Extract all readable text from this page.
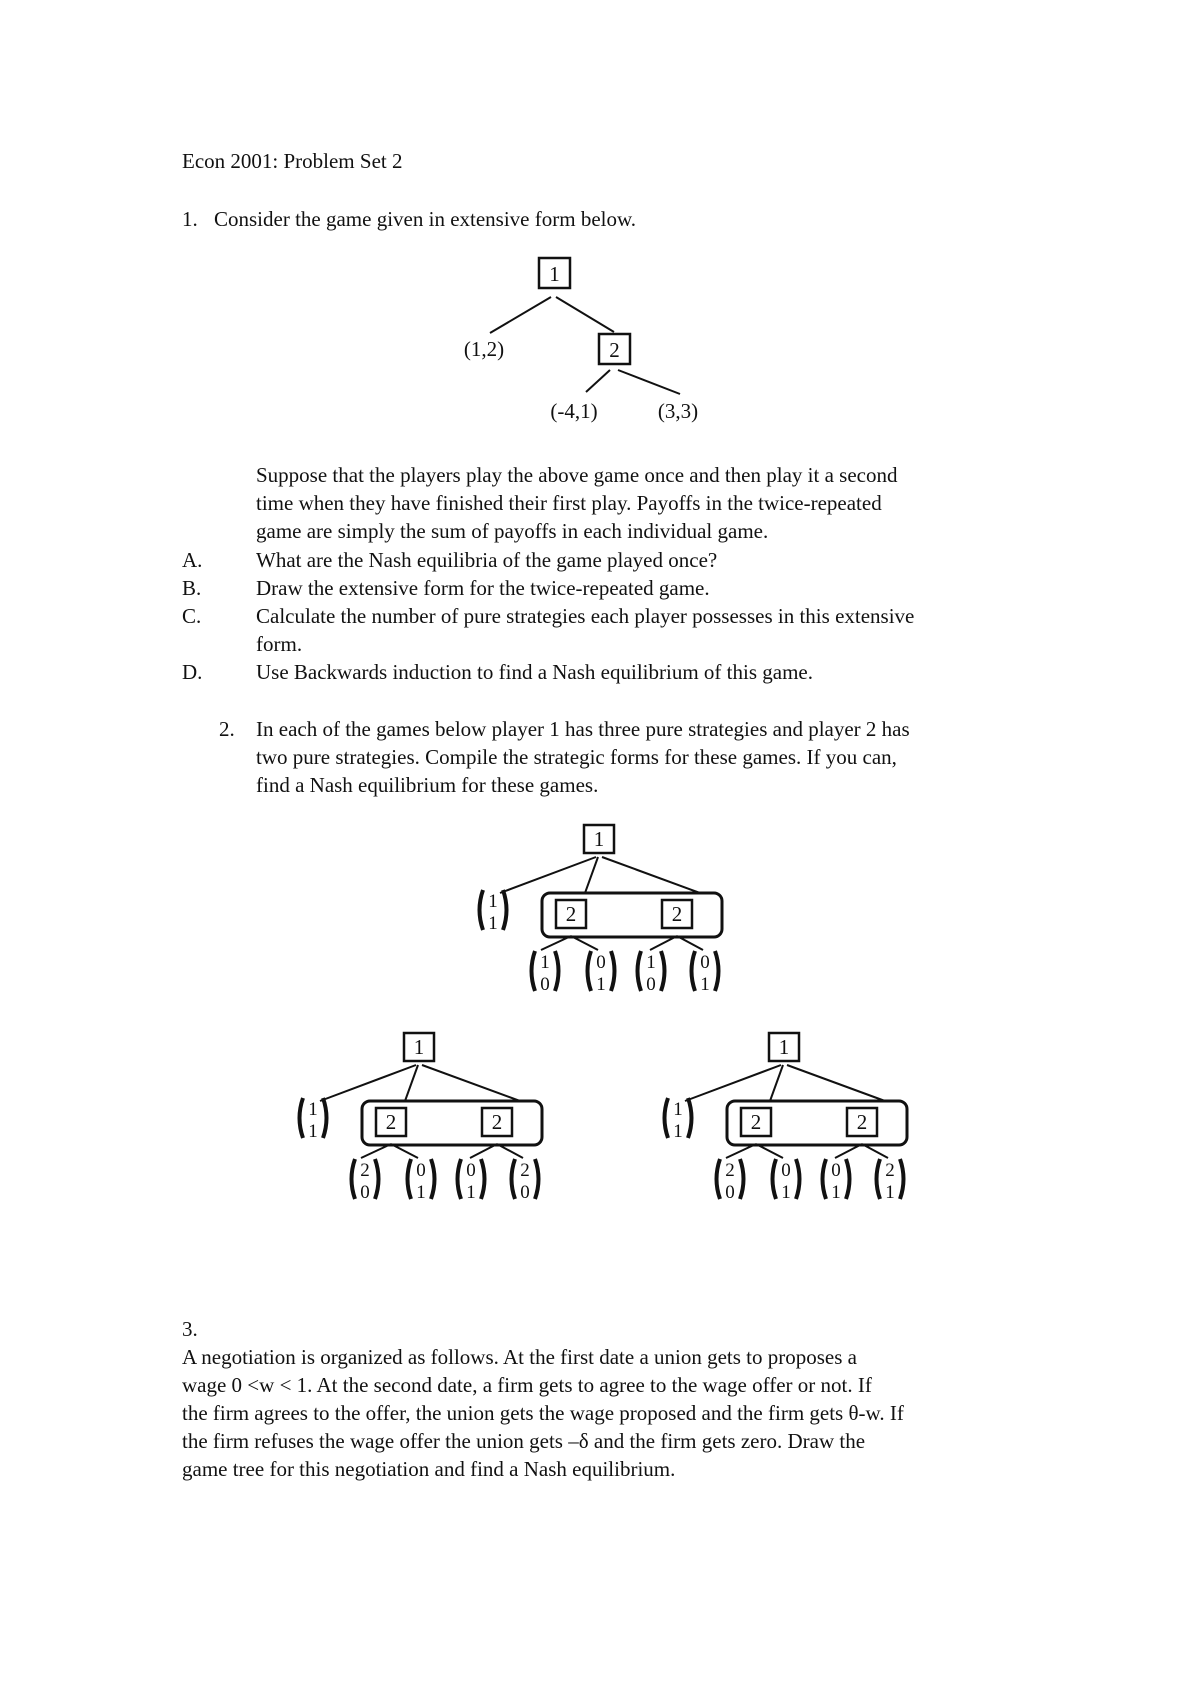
Econ 2001: Problem Set 2
1. Consider the game given in extensive form below.
1
(1,2)	2
(-4,1)	(3,3)
Suppose that the players play the above game once and then play it a second
time when they have finished their first play. Payoffs in the twice-repeated
game are simply the sum of payoffs in each individual game.
A.	What are the Nash equilibria of the game played once?
B.	Draw the extensive form for the twice-repeated game.
C.	Calculate the number of pure strategies each player possesses in this extensive
form.
D.	Use Backwards induction to find a Nash equilibrium of this game.
2. In each of the games below player 1 has three pure strategies and player 2 has
two pure strategies. Compile the strategic forms for these games. If you can,
find a Nash equilibrium for these games.
1
2	2
1
1
1
0
0
1
1
0
0
1
1
2	2
1
1
2
0
0
1
0
1
2
0
1
2	2
1
1
2
0
0
1
0
1
2
1
3.
A negotiation is organized as follows. At the first date a union gets to proposes a
wage 0 <w < 1. At the second date, a firm gets to agree to the wage offer or not. If
the firm agrees to the offer, the union gets the wage proposed and the firm gets θ-w. If
the firm refuses the wage offer the union gets –δ and the firm gets zero. Draw the
game tree for this negotiation and find a Nash equilibrium.
